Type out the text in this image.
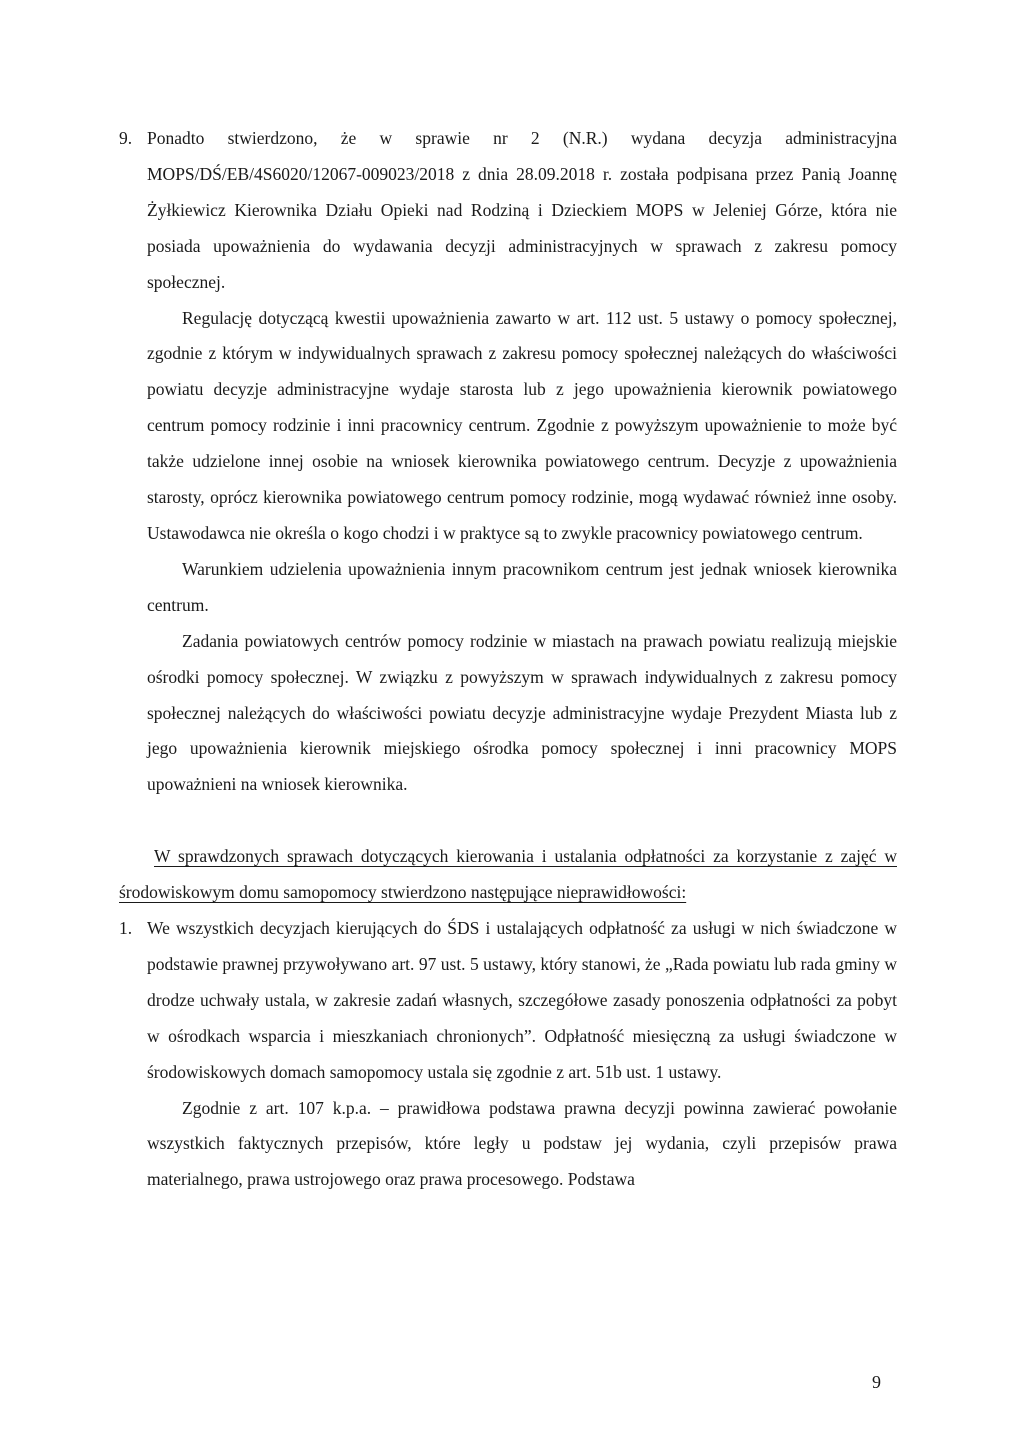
9. Ponadto stwierdzono, że w sprawie nr 2 (N.R.) wydana decyzja administracyjna MOPS/DŚ/EB/4S6020/12067-009023/2018 z dnia 28.09.2018 r. została podpisana przez Panią Joannę Żyłkiewicz Kierownika Działu Opieki nad Rodziną i Dzieckiem MOPS w Jeleniej Górze, która nie posiada upoważnienia do wydawania decyzji administracyjnych w sprawach z zakresu pomocy społecznej.

Regulację dotyczącą kwestii upoważnienia zawarto w art. 112 ust. 5 ustawy o pomocy społecznej, zgodnie z którym w indywidualnych sprawach z zakresu pomocy społecznej należących do właściwości powiatu decyzje administracyjne wydaje starosta lub z jego upoważnienia kierownik powiatowego centrum pomocy rodzinie i inni pracownicy centrum. Zgodnie z powyższym upoważnienie to może być także udzielone innej osobie na wniosek kierownika powiatowego centrum. Decyzje z upoważnienia starosty, oprócz kierownika powiatowego centrum pomocy rodzinie, mogą wydawać również inne osoby. Ustawodawca nie określa o kogo chodzi i w praktyce są to zwykle pracownicy powiatowego centrum.

Warunkiem udzielenia upoważnienia innym pracownikom centrum jest jednak wniosek kierownika centrum.

Zadania powiatowych centrów pomocy rodzinie w miastach na prawach powiatu realizują miejskie ośrodki pomocy społecznej. W związku z powyższym w sprawach indywidualnych z zakresu pomocy społecznej należących do właściwości powiatu decyzje administracyjne wydaje Prezydent Miasta lub z jego upoważnienia kierownik miejskiego ośrodka pomocy społecznej i inni pracownicy MOPS upoważnieni na wniosek kierownika.

W sprawdzonych sprawach dotyczących kierowania i ustalania odpłatności za korzystanie z zajęć w środowiskowym domu samopomocy stwierdzono następujące nieprawidłowości:

1. We wszystkich decyzjach kierujących do ŚDS i ustalających odpłatność za usługi w nich świadczone w podstawie prawnej przywoływano art. 97 ust. 5 ustawy, który stanowi, że „Rada powiatu lub rada gminy w drodze uchwały ustala, w zakresie zadań własnych, szczegółowe zasady ponoszenia odpłatności za pobyt w ośrodkach wsparcia i mieszkaniach chronionych”. Odpłatność miesięczną za usługi świadczone w środowiskowych domach samopomocy ustala się zgodnie z art. 51b ust. 1 ustawy.

Zgodnie z art. 107 k.p.a. – prawidłowa podstawa prawna decyzji powinna zawierać powołanie wszystkich faktycznych przepisów, które legły u podstaw jej wydania, czyli przepisów prawa materialnego, prawa ustrojowego oraz prawa procesowego. Podstawa

9
